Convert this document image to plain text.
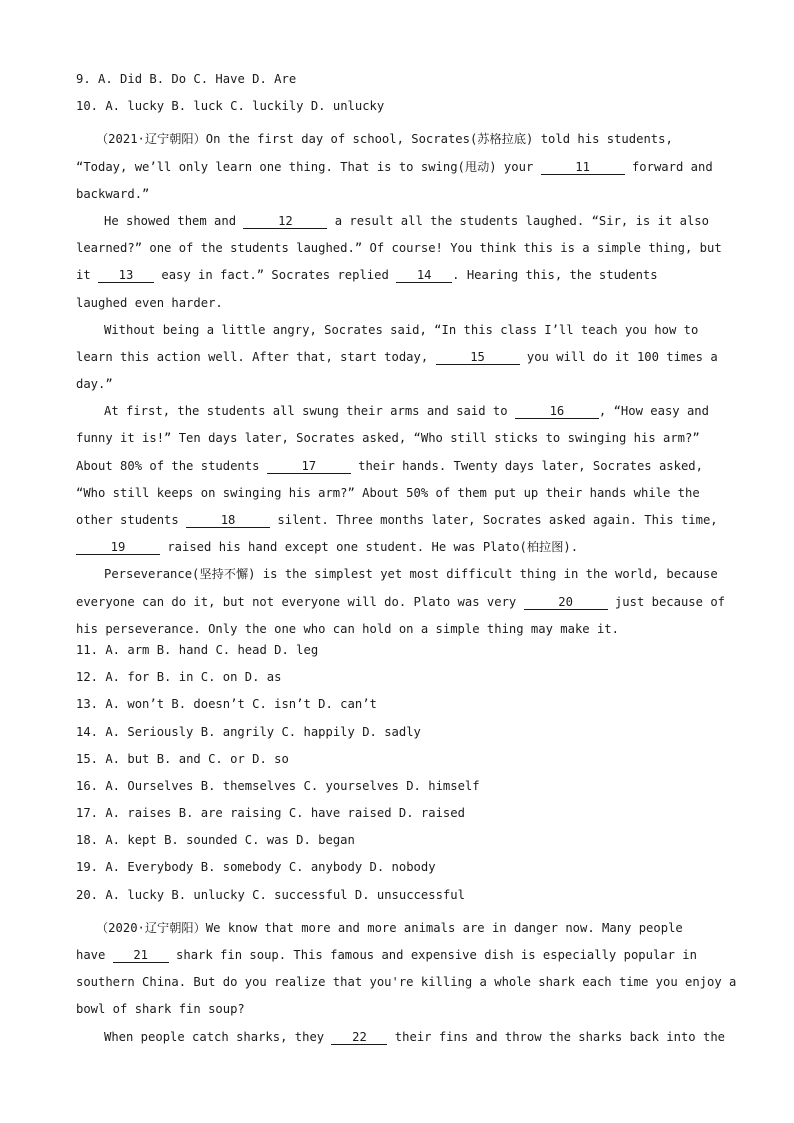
9. A. Did B. Do C. Have D. Are
10. A. lucky B. luck C. luckily D. unlucky
（2021·辽宁朝阳）On the first day of school, Socrates(苏格拉底) told his students,
“Today, we’ll only learn one thing. That is to swing(甩动) your	11	forward and
backward.”
He showed them and	12	a result all the students laughed. “Sir, is it also
learned?” one of the students laughed.” Of course! You think this is a simple thing, but
it 13 easy in fact.” Socrates replied 14 . Hearing this, the students
laughed even harder.
Without being a little angry, Socrates said, “In this class I’ll teach you how to
learn this action well. After that, start today,	15	you will do it 100 times a
day.”
At first, the students all swung their arms and said to	16	, “How easy and
funny it is!” Ten days later, Socrates asked, “Who still sticks to swinging his arm?”
About 80% of the students	17	their hands. Twenty days later, Socrates asked,
“Who still keeps on swinging his arm?” About 50% of them put up their hands while the
other students	18	silent. Three months later, Socrates asked again. This time,
19	raised his hand except one student. He was Plato(柏拉图).
Perseverance(坚持不懈) is the simplest yet most difficult thing in the world, because
everyone can do it, but not everyone will do. Plato was very	20	just because of
his perseverance. Only the one who can hold on a simple thing may make it.
11. A. arm B. hand C. head D. leg
12. A. for B. in C. on D. as
13. A. won’t B. doesn’t C. isn’t D. can’t
14. A. Seriously B. angrily C. happily D. sadly
15. A. but B. and C. or D. so
16. A. Ourselves B. themselves C. yourselves D. himself
17. A. raises B. are raising C. have raised D. raised
18. A. kept B. sounded C. was D. began
19. A. Everybody B. somebody C. anybody D. nobody
20. A. lucky B. unlucky C. successful D. unsuccessful
（2020·辽宁朝阳）We know that more and more animals are in danger now. Many people
have 21 shark fin soup. This famous and expensive dish is especially popular in
southern China. But do you realize that you're killing a whole shark each time you enjoy a
bowl of shark fin soup?
When people catch sharks, they 22 their fins and throw the sharks back into the
